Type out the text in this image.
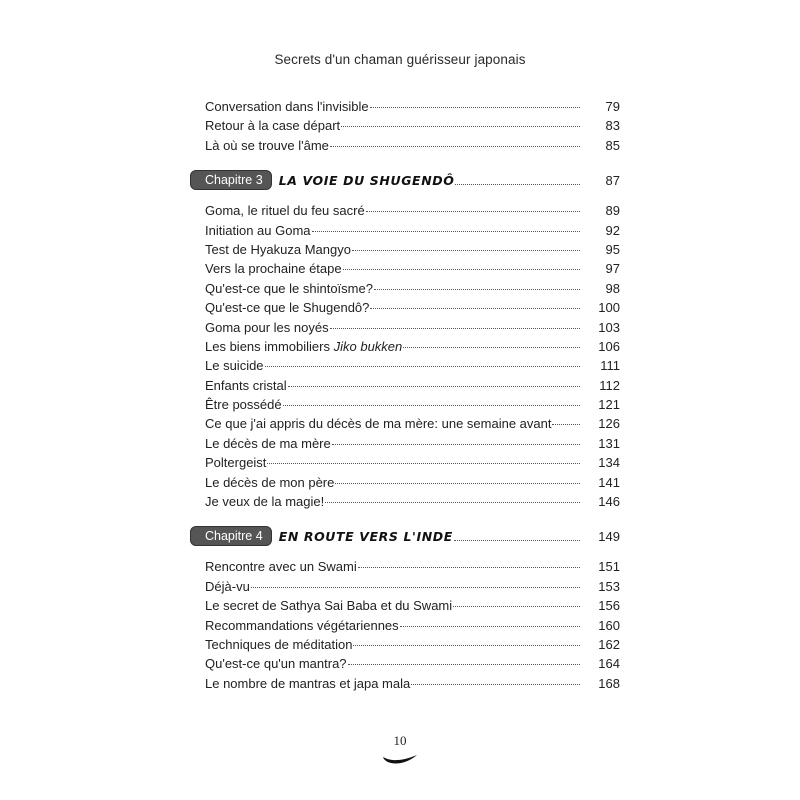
Secrets d'un chaman guérisseur japonais
Conversation dans l'invisible	79
Retour à la case départ	83
Là où se trouve l'âme	85
Chapitre 3	LA VOIE DU SHUGENDÔ	87
Goma, le rituel du feu sacré	89
Initiation au Goma	92
Test de Hyakuza Mangyo	95
Vers la prochaine étape	97
Qu'est-ce que le shintoïsme?	98
Qu'est-ce que le Shugendô?	100
Goma pour les noyés	103
Les biens immobiliers Jiko bukken	106
Le suicide	111
Enfants cristal	112
Être possédé	121
Ce que j'ai appris du décès de ma mère: une semaine avant	126
Le décès de ma mère	131
Poltergeist	134
Le décès de mon père	141
Je veux de la magie!	146
Chapitre 4	EN ROUTE VERS L'INDE	149
Rencontre avec un Swami	151
Déjà-vu	153
Le secret de Sathya Sai Baba et du Swami	156
Recommandations végétariennes	160
Techniques de méditation	162
Qu'est-ce qu'un mantra?	164
Le nombre de mantras et japa mala	168
10
